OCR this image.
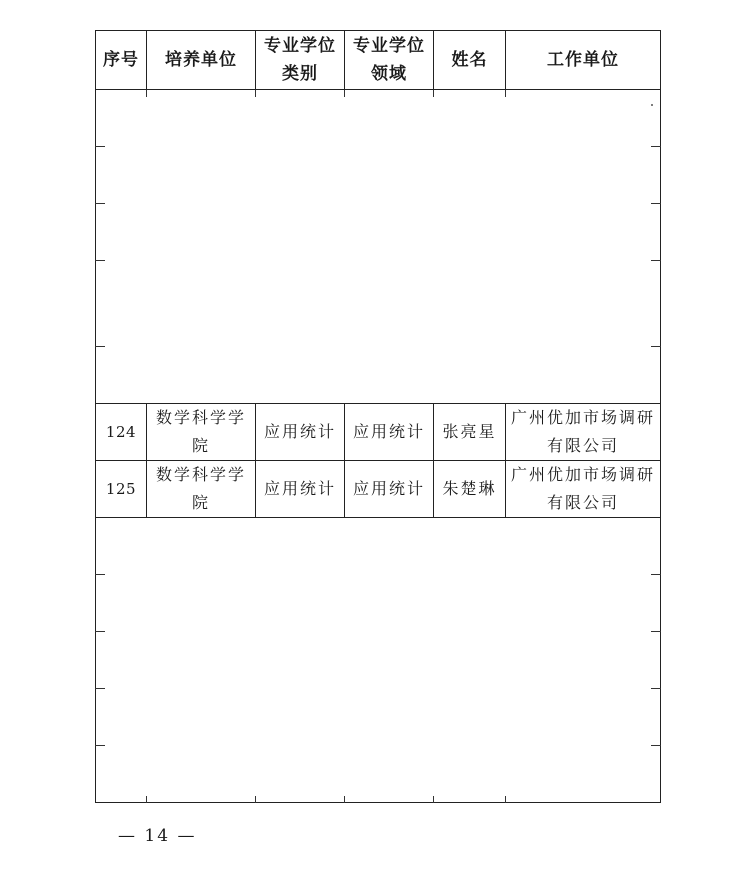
序号 培养单位
专业学位
类别
专业学位
领域
姓名	工作单位
124
数学科学学
院
应用统计 应用统计 张亮星
广州优加市场调研
有限公司
125
数学科学学
院
应用统计 应用统计 朱楚琳
广州优加市场调研
有限公司
— 14 —
